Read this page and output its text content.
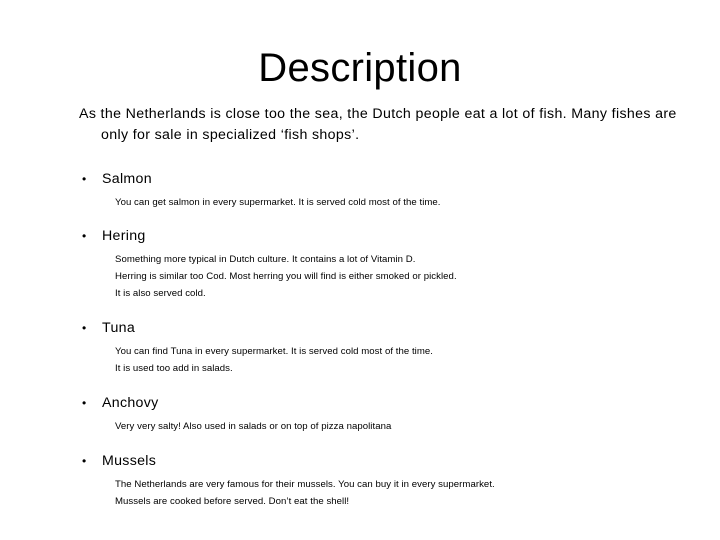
Description
As the Netherlands is close too the sea, the Dutch people eat a lot of fish. Many fishes are
only for sale in specialized ‘fish shops’.
•	Salmon
You can get salmon in every supermarket. It is served cold most of the time.
•	Hering
Something more typical in Dutch culture. It contains a lot of Vitamin D.
Herring is similar too Cod. Most herring you will find is either smoked or pickled.
It is also served cold.
•	Tuna
You can find Tuna in every supermarket. It is served cold most of the time.
It is used too add in salads.
•	Anchovy
Very very salty! Also used in salads or on top of pizza napolitana
•	Mussels
The Netherlands are very famous for their mussels. You can buy it in every supermarket.
Mussels are cooked before served. Don’t eat the shell!
